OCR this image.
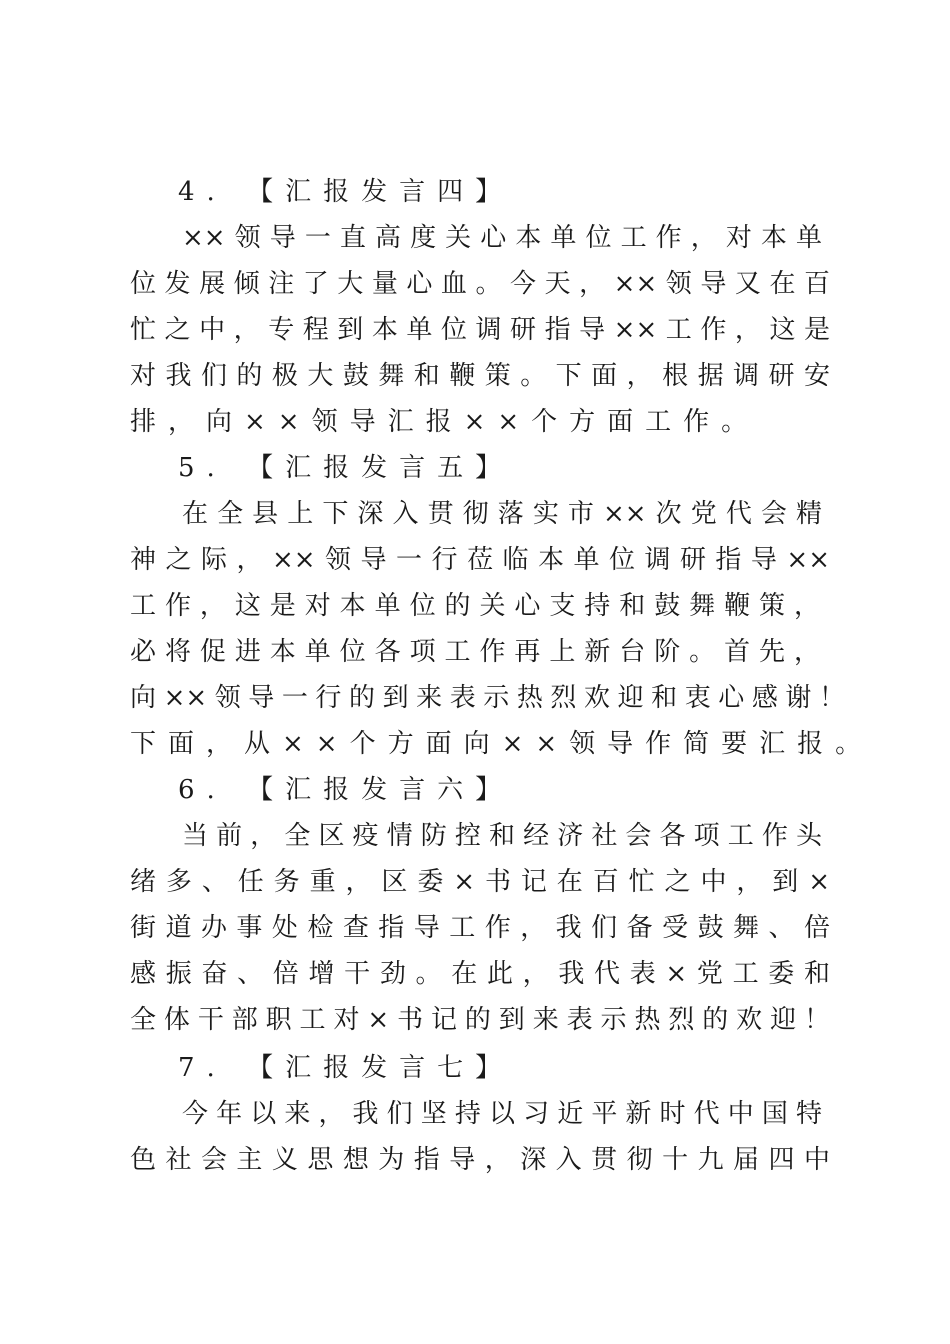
4. 【汇报发言四】
××领导一直高度关心本单位工作，对本单
位发展倾注了大量心血。今天，××领导又在百
忙之中，专程到本单位调研指导××工作，这是
对我们的极大鼓舞和鞭策。下面，根据调研安
排，向××领导汇报××个方面工作。
5. 【汇报发言五】
在全县上下深入贯彻落实市××次党代会精
神之际，××领导一行莅临本单位调研指导××
工作，这是对本单位的关心支持和鼓舞鞭策，
必将促进本单位各项工作再上新台阶。首先，
向××领导一行的到来表示热烈欢迎和衷心感谢！
下面，从××个方面向××领导作简要汇报。
6. 【汇报发言六】
当前，全区疫情防控和经济社会各项工作头
绪多、任务重，区委×书记在百忙之中，到×
街道办事处检查指导工作，我们备受鼓舞、倍
感振奋、倍增干劲。在此，我代表×党工委和
全体干部职工对×书记的到来表示热烈的欢迎！
7. 【汇报发言七】
今年以来，我们坚持以习近平新时代中国特
色社会主义思想为指导，深入贯彻十九届四中
